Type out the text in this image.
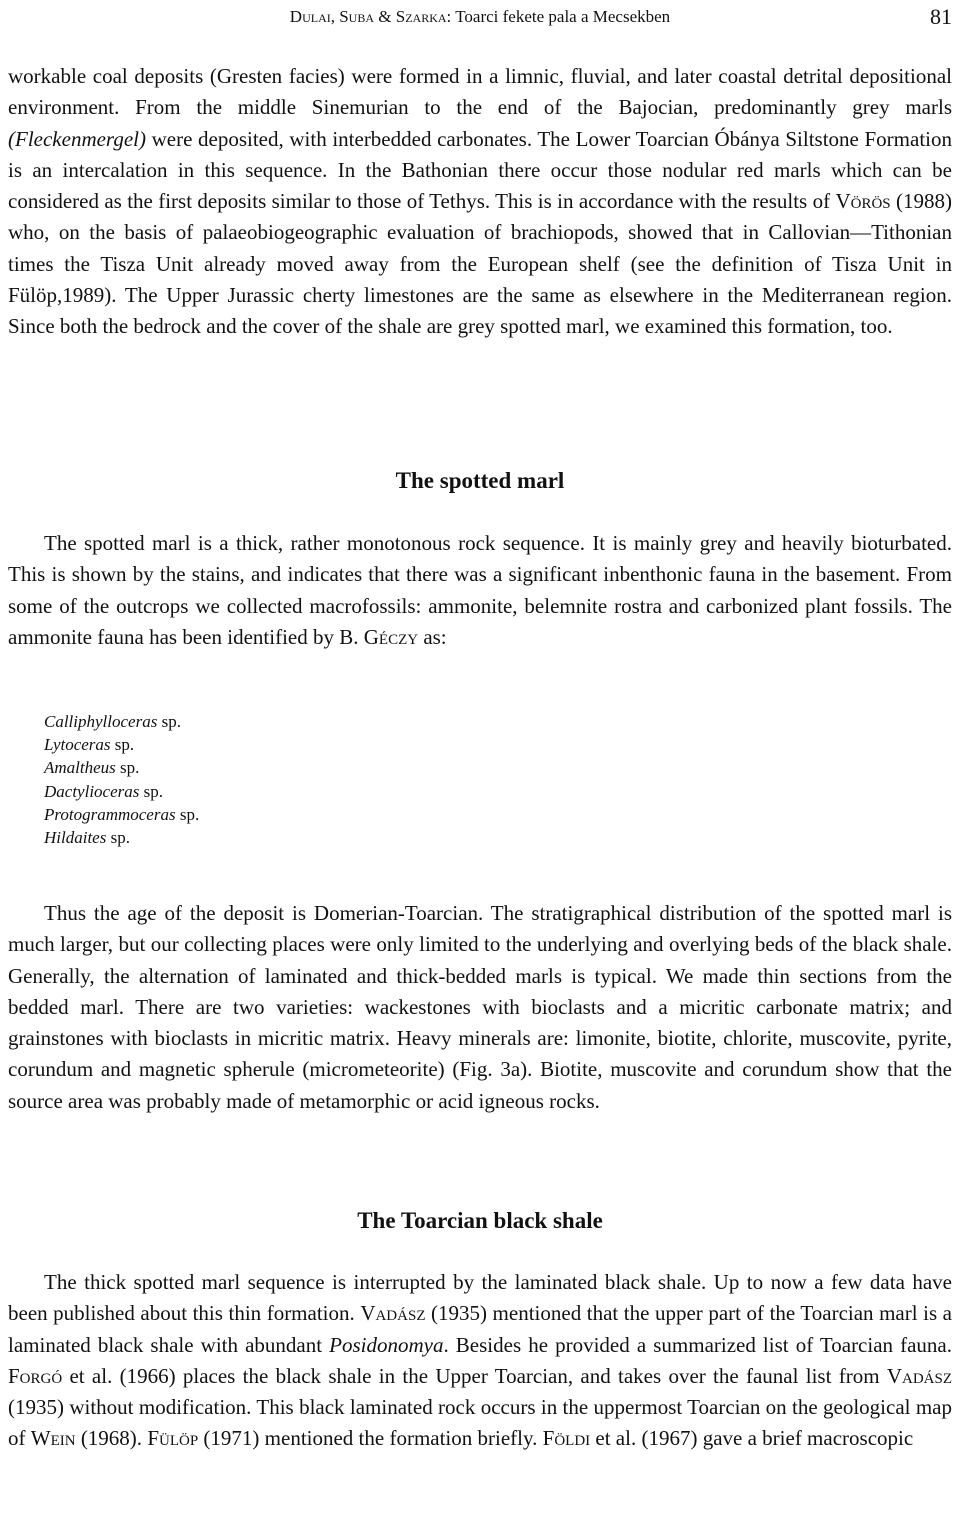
Dulai, Suba & Szarka: Toarci fekete pala a Mecsekben	81

workable coal deposits (Gresten facies) were formed in a limnic, fluvial, and later coastal detrital depositional environment. From the middle Sinemurian to the end of the Bajocian, predominantly grey marls (Fleckenmergel) were deposited, with interbedded carbonates. The Lower Toarcian Óbánya Siltstone Formation is an intercalation in this sequence. In the Bathonian there occur those nodular red marls which can be considered as the first deposits similar to those of Tethys. This is in accordance with the results of Vörös (1988) who, on the basis of palaeobiogeographic evaluation of brachiopods, showed that in Callovian—Tithonian times the Tisza Unit already moved away from the European shelf (see the definition of Tisza Unit in Fülöp,1989). The Upper Jurassic cherty limestones are the same as elsewhere in the Mediterranean region. Since both the bedrock and the cover of the shale are grey spotted marl, we examined this formation, too.

The spotted marl

The spotted marl is a thick, rather monotonous rock sequence. It is mainly grey and heavily bioturbated. This is shown by the stains, and indicates that there was a significant inbenthonic fauna in the basement. From some of the outcrops we collected macrofossils: ammonite, belemnite rostra and carbonized plant fossils. The ammonite fauna has been identified by B. Géczy as:

Calliphylloceras sp.
Lytoceras sp.
Amaltheus sp.
Dactylioceras sp.
Protogrammoceras sp.
Hildaites sp.

Thus the age of the deposit is Domerian-Toarcian. The stratigraphical distribution of the spotted marl is much larger, but our collecting places were only limited to the underlying and overlying beds of the black shale. Generally, the alternation of laminated and thick-bedded marls is typical. We made thin sections from the bedded marl. There are two varieties: wackestones with bioclasts and a micritic carbonate matrix; and grainstones with bioclasts in micritic matrix. Heavy minerals are: limonite, biotite, chlorite, muscovite, pyrite, corundum and magnetic spherule (micrometeorite) (Fig. 3a). Biotite, muscovite and corundum show that the source area was probably made of metamorphic or acid igneous rocks.

The Toarcian black shale

The thick spotted marl sequence is interrupted by the laminated black shale. Up to now a few data have been published about this thin formation. Vadász (1935) mentioned that the upper part of the Toarcian marl is a laminated black shale with abundant Posidonomya. Besides he provided a summarized list of Toarcian fauna. Forgó et al. (1966) places the black shale in the Upper Toarcian, and takes over the faunal list from Vadász (1935) without modification. This black laminated rock occurs in the uppermost Toarcian on the geological map of Wein (1968). Fülöp (1971) mentioned the formation briefly. Földi et al. (1967) gave a brief macroscopic
